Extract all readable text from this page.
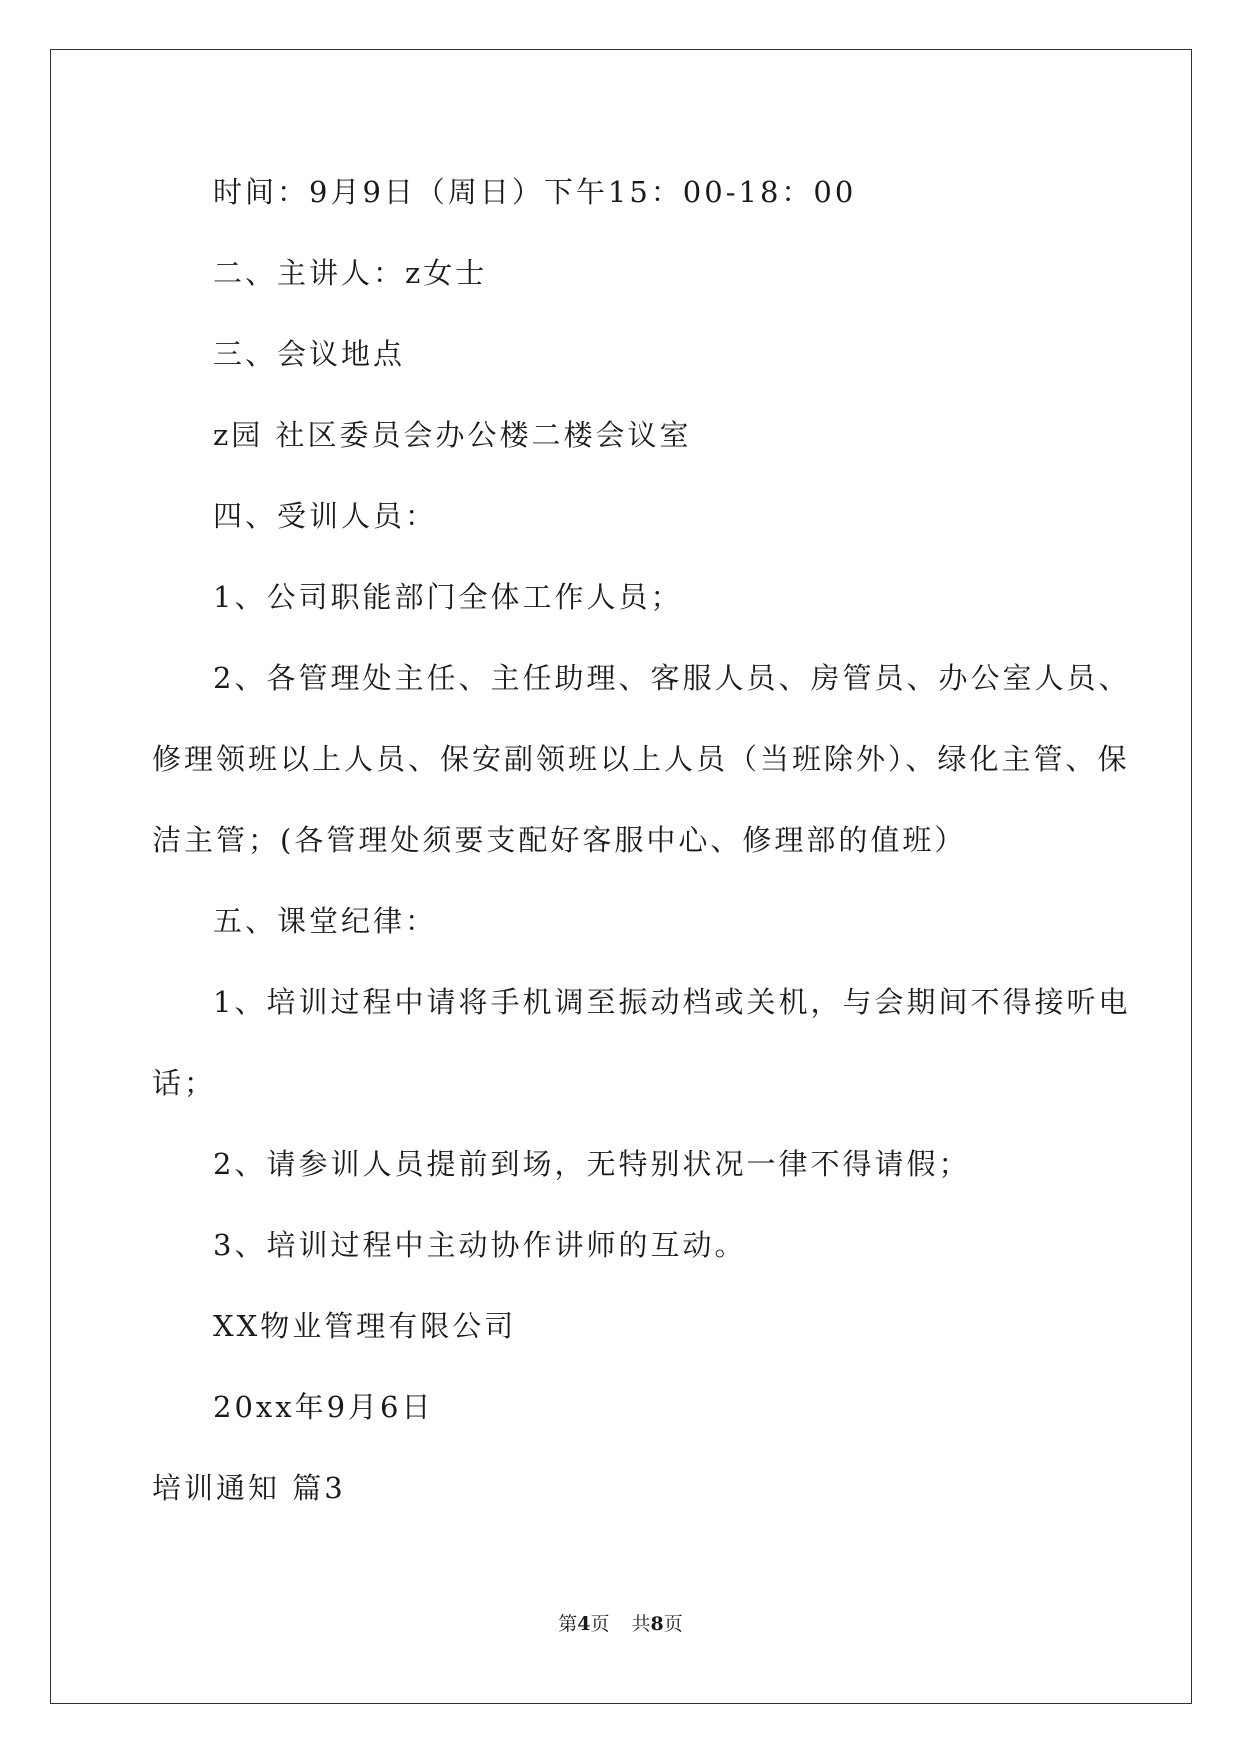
时间：9月9日（周日）下午15：00-18：00
二、主讲人：z女士
三、会议地点
z园 社区委员会办公楼二楼会议室
四、受训人员：
1、公司职能部门全体工作人员；
2、各管理处主任、主任助理、客服人员、房管员、办公室人员、
修理领班以上人员、保安副领班以上人员（当班除外）、绿化主管、保
洁主管；(各管理处须要支配好客服中心、修理部的值班）
五、课堂纪律：
1、培训过程中请将手机调至振动档或关机，与会期间不得接听电
话；
2、请参训人员提前到场，无特别状况一律不得请假；
3、培训过程中主动协作讲师的互动。
XX物业管理有限公司
20xx年9月6日
培训通知 篇3
第4页 共8页
